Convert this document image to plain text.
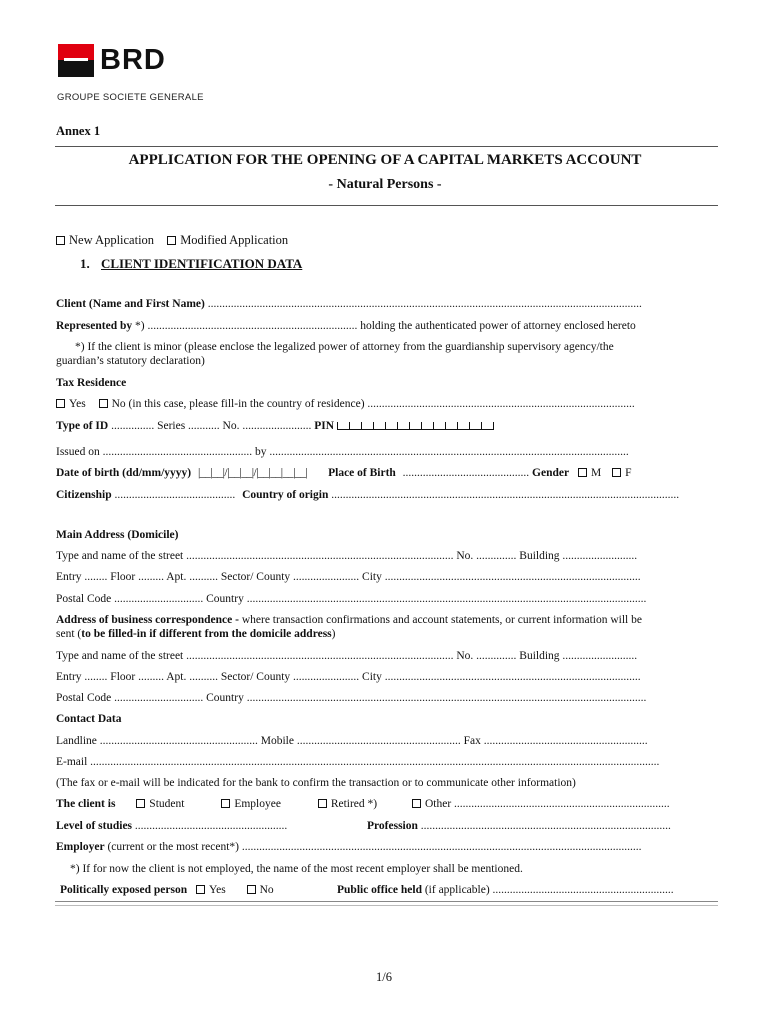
BRD
GROUPE SOCIETE GENERALE
Annex 1
APPLICATION FOR THE OPENING OF A CAPITAL MARKETS ACCOUNT
- Natural Persons -
New Application Modified Application
1. CLIENT IDENTIFICATION DATA
Client (Name and First Name) .......................................................................................................................................................
Represented by *) ......................................................................... holding the authenticated power of attorney enclosed hereto
*) If the client is minor (please enclose the legalized power of attorney from the guardianship supervisory agency/the
guardian’s statutory declaration)
Tax Residence
Yes No (in this case, please fill-in the country of residence) .............................................................................................
Type of ID ............... Series ........... No. ........................ PIN
Issued on .................................................... by .............................................................................................................................
Date of birth (dd/mm/yyyy) |__|__|/|__|__|/|__|__|__|__| Place of Birth ............................................ Gender M F
Citizenship .......................................... Country of origin .........................................................................................................................
Main Address (Domicile)
Type and name of the street ............................................................................................. No. .............. Building ..........................
Entry ........ Floor ......... Apt. .......... Sector/ County ....................... City .........................................................................................
Postal Code ............................... Country ...........................................................................................................................................
Address of business correspondence - where transaction confirmations and account statements, or current information will be
sent (to be filled-in if different from the domicile address)
Type and name of the street ............................................................................................. No. .............. Building ..........................
Entry ........ Floor ......... Apt. .......... Sector/ County ....................... City .........................................................................................
Postal Code ............................... Country ...........................................................................................................................................
Contact Data
Landline ....................................................... Mobile ......................................................... Fax .........................................................
E-mail ......................................................................................................................................................................................................
(The fax or e-mail will be indicated for the bank to confirm the transaction or to communicate other information)
The client is	Student	Employee	Retired *)	Other ...........................................................................
Level of studies .....................................................	Profession .......................................................................................
Employer (current or the most recent*) ...........................................................................................................................................
*) If for now the client is not employed, the name of the most recent employer shall be mentioned.
Politically exposed person Yes	No	Public office held (if applicable) ...............................................................
1/6
